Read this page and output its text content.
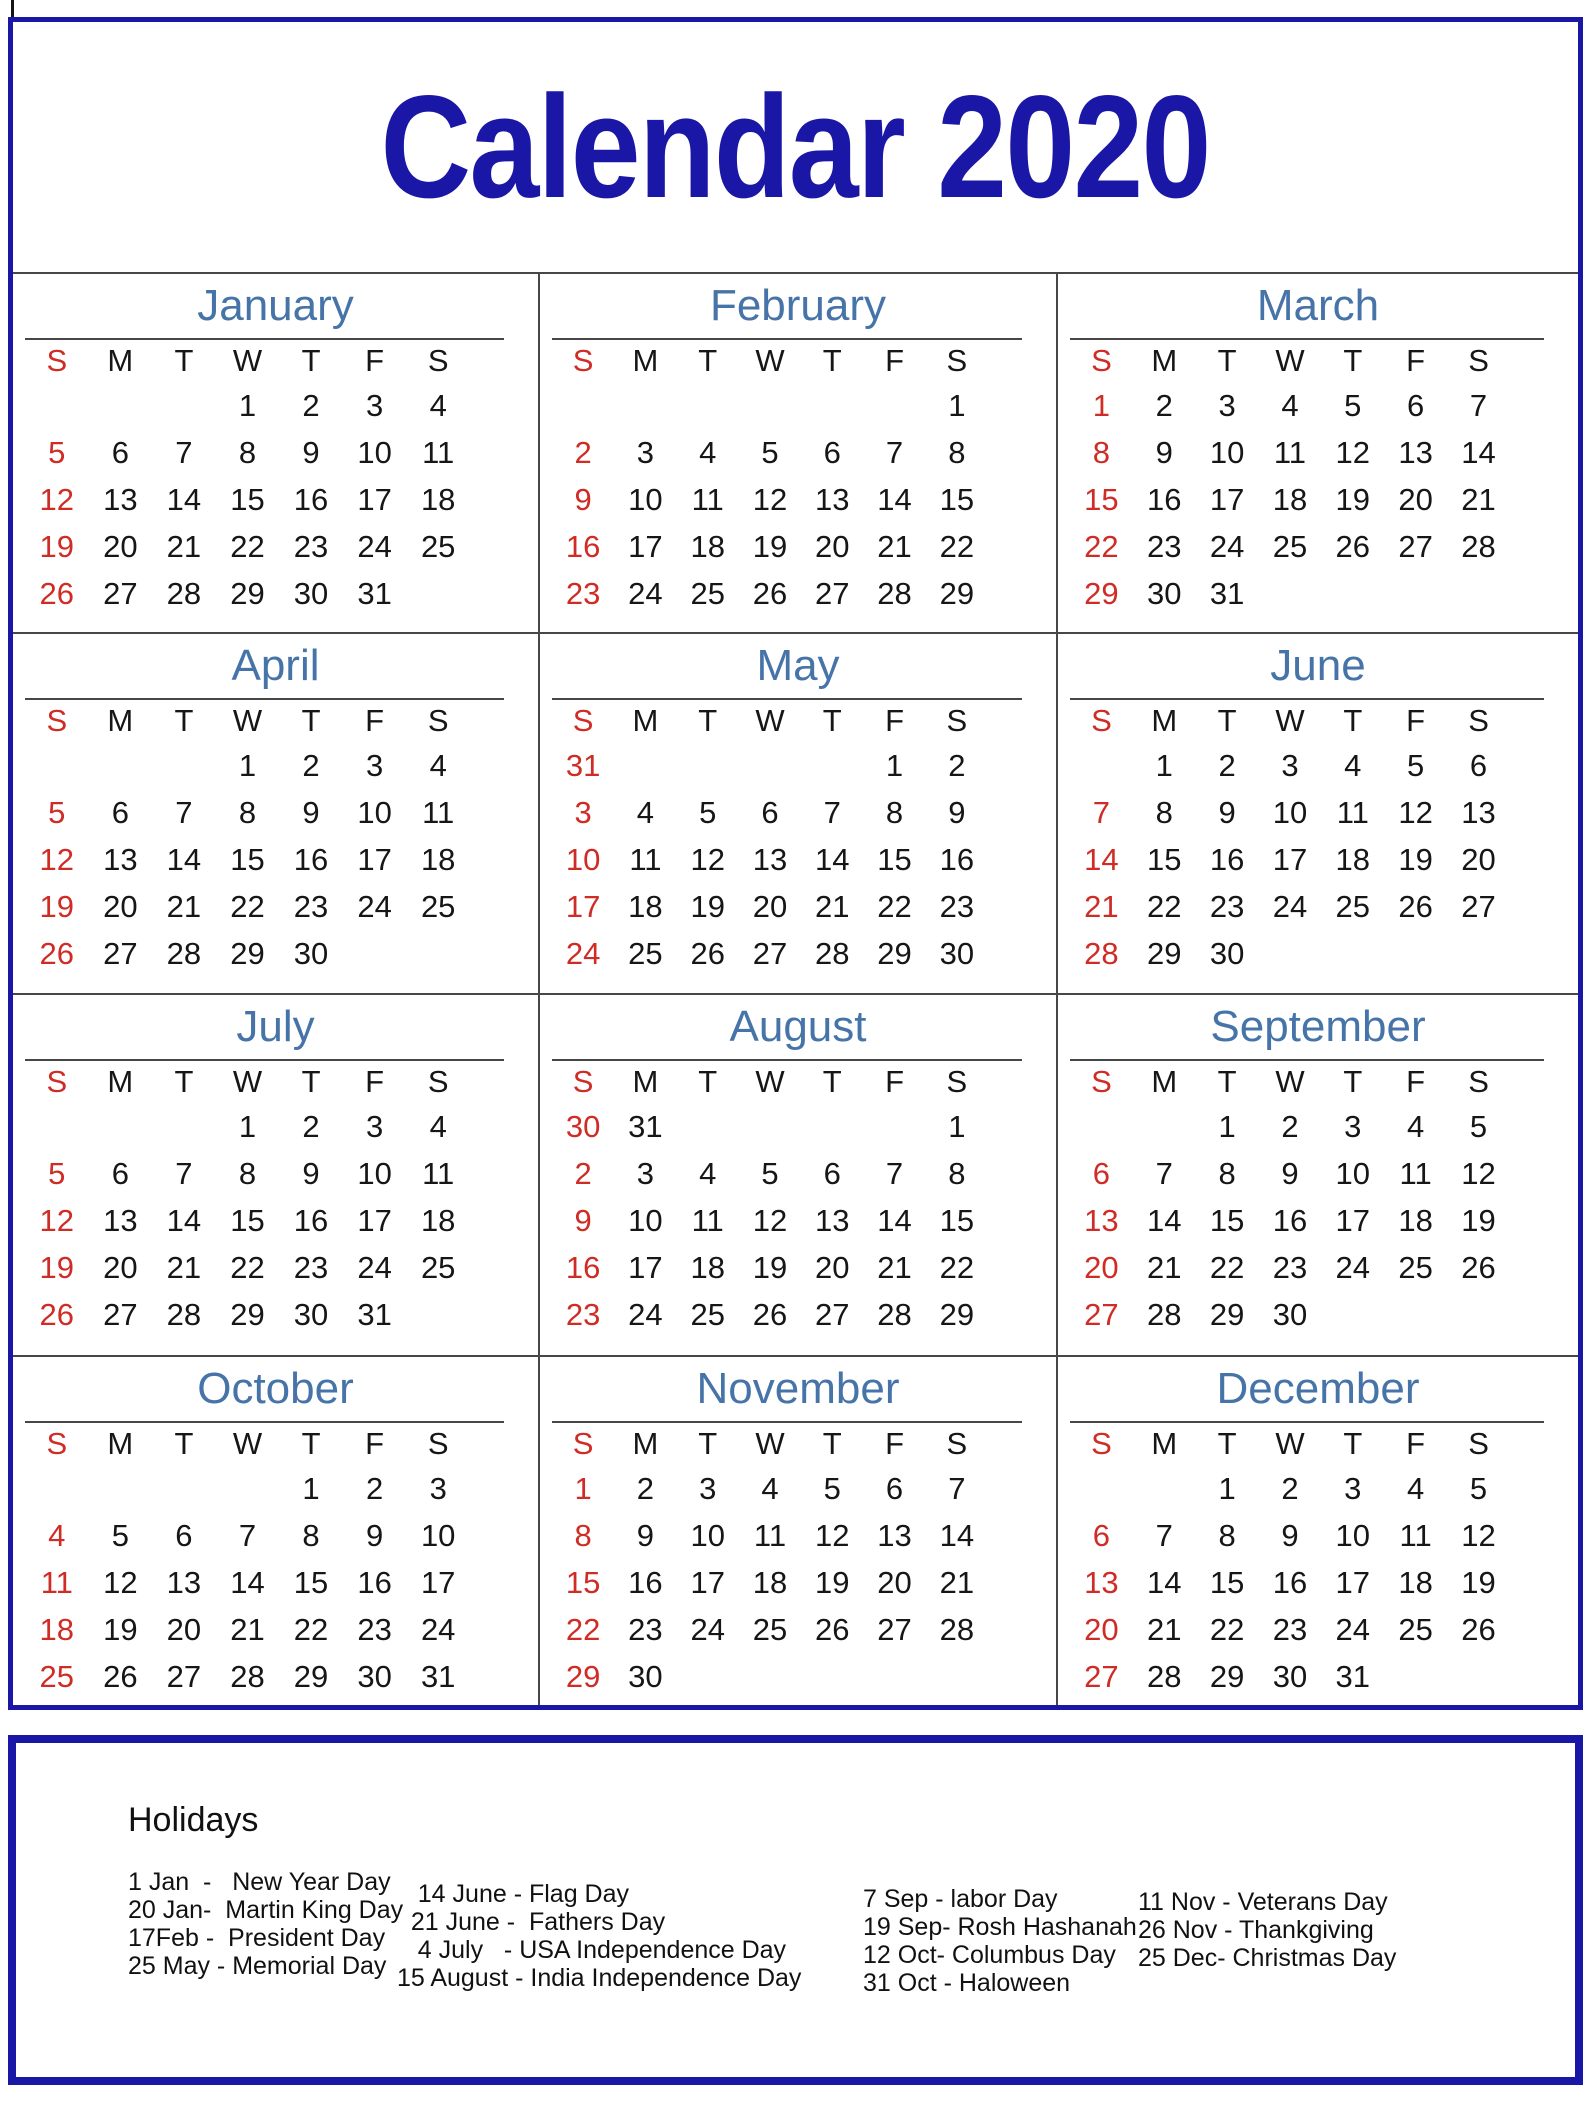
Calendar 2020
January
S	M	T	W	T	F	S
			1	2	3	4
5	6	7	8	9	10	11
12	13	14	15	16	17	18
19	20	21	22	23	24	25
26	27	28	29	30	31	
February
S	M	T	W	T	F	S
						1
2	3	4	5	6	7	8
9	10	11	12	13	14	15
16	17	18	19	20	21	22
23	24	25	26	27	28	29
March
S	M	T	W	T	F	S
1	2	3	4	5	6	7
8	9	10	11	12	13	14
15	16	17	18	19	20	21
22	23	24	25	26	27	28
29	30	31				
April
S	M	T	W	T	F	S
			1	2	3	4
5	6	7	8	9	10	11
12	13	14	15	16	17	18
19	20	21	22	23	24	25
26	27	28	29	30		
May
S	M	T	W	T	F	S
31					1	2
3	4	5	6	7	8	9
10	11	12	13	14	15	16
17	18	19	20	21	22	23
24	25	26	27	28	29	30
June
S	M	T	W	T	F	S
	1	2	3	4	5	6
7	8	9	10	11	12	13
14	15	16	17	18	19	20
21	22	23	24	25	26	27
28	29	30				
July
S	M	T	W	T	F	S
			1	2	3	4
5	6	7	8	9	10	11
12	13	14	15	16	17	18
19	20	21	22	23	24	25
26	27	28	29	30	31	
August
S	M	T	W	T	F	S
30	31					1
2	3	4	5	6	7	8
9	10	11	12	13	14	15
16	17	18	19	20	21	22
23	24	25	26	27	28	29
September
S	M	T	W	T	F	S
		1	2	3	4	5
6	7	8	9	10	11	12
13	14	15	16	17	18	19
20	21	22	23	24	25	26
27	28	29	30			
October
S	M	T	W	T	F	S
				1	2	3
4	5	6	7	8	9	10
11	12	13	14	15	16	17
18	19	20	21	22	23	24
25	26	27	28	29	30	31
November
S	M	T	W	T	F	S
1	2	3	4	5	6	7
8	9	10	11	12	13	14
15	16	17	18	19	20	21
22	23	24	25	26	27	28
29	30					
December
S	M	T	W	T	F	S
		1	2	3	4	5
6	7	8	9	10	11	12
13	14	15	16	17	18	19
20	21	22	23	24	25	26
27	28	29	30	31		
Holidays
1 Jan  -   New Year Day
20 Jan-  Martin King Day
17Feb -  President Day
25 May - Memorial Day
14 June - Flag Day
21 June -  Fathers Day
4 July   - USA Independence Day
15 August - India Independence Day
7 Sep - labor Day
19 Sep- Rosh Hashanah
12 Oct- Columbus Day
31 Oct - Haloween
11 Nov - Veterans Day
26 Nov - Thankgiving
25 Dec- Christmas Day
